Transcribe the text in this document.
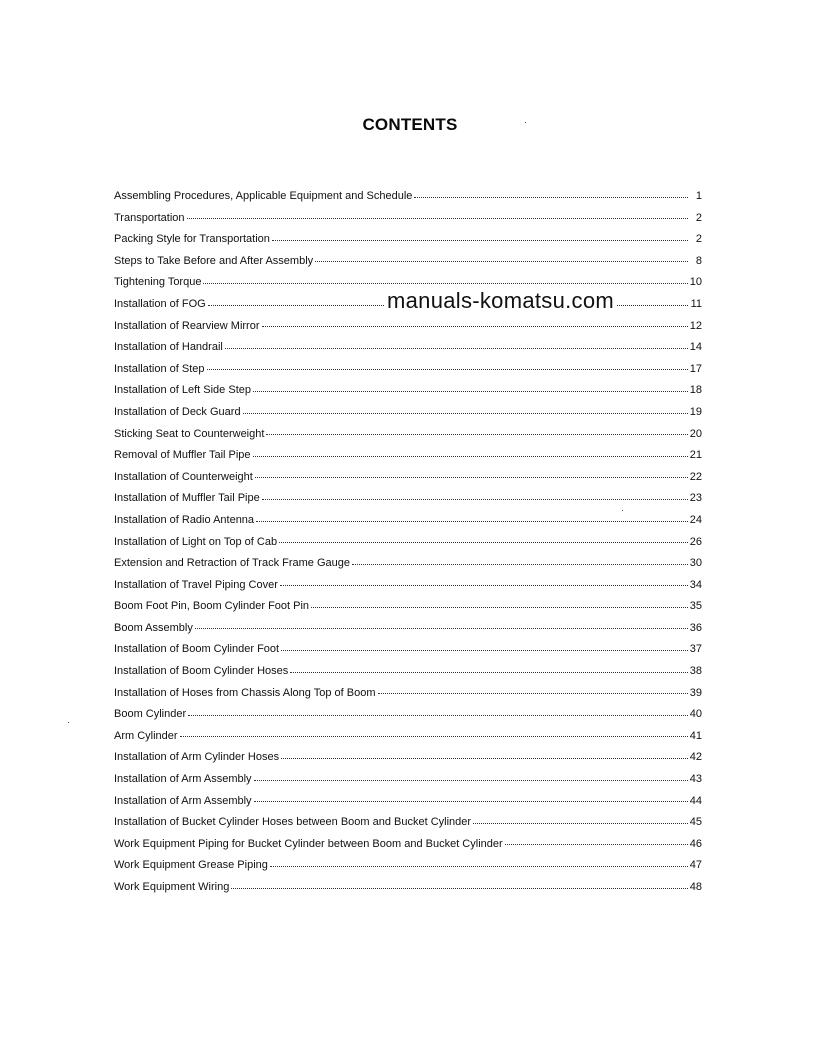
CONTENTS
Assembling Procedures, Applicable Equipment and Schedule	1
Transportation	2
Packing Style for Transportation	2
Steps to Take Before and After Assembly	8
Tightening Torque	10
Installation of FOG	11
Installation of Rearview Mirror	12
Installation of Handrail	14
Installation of Step	17
Installation of Left Side Step	18
Installation of Deck Guard	19
Sticking Seat to Counterweight	20
Removal of Muffler Tail Pipe	21
Installation of Counterweight	22
Installation of Muffler Tail Pipe	23
Installation of Radio Antenna	24
Installation of Light on Top of Cab	26
Extension and Retraction of Track Frame Gauge	30
Installation of Travel Piping Cover	34
Boom Foot Pin, Boom Cylinder Foot Pin	35
Boom Assembly	36
Installation of Boom Cylinder Foot	37
Installation of Boom Cylinder Hoses	38
Installation of Hoses from Chassis Along Top of Boom	39
Boom Cylinder	40
Arm Cylinder	41
Installation of Arm Cylinder Hoses	42
Installation of Arm Assembly	43
Installation of Arm Assembly	44
Installation of Bucket Cylinder Hoses between Boom and Bucket Cylinder	45
Work Equipment Piping for Bucket Cylinder between Boom and Bucket Cylinder	46
Work Equipment Grease Piping	47
Work Equipment Wiring	48
manuals-komatsu.com
